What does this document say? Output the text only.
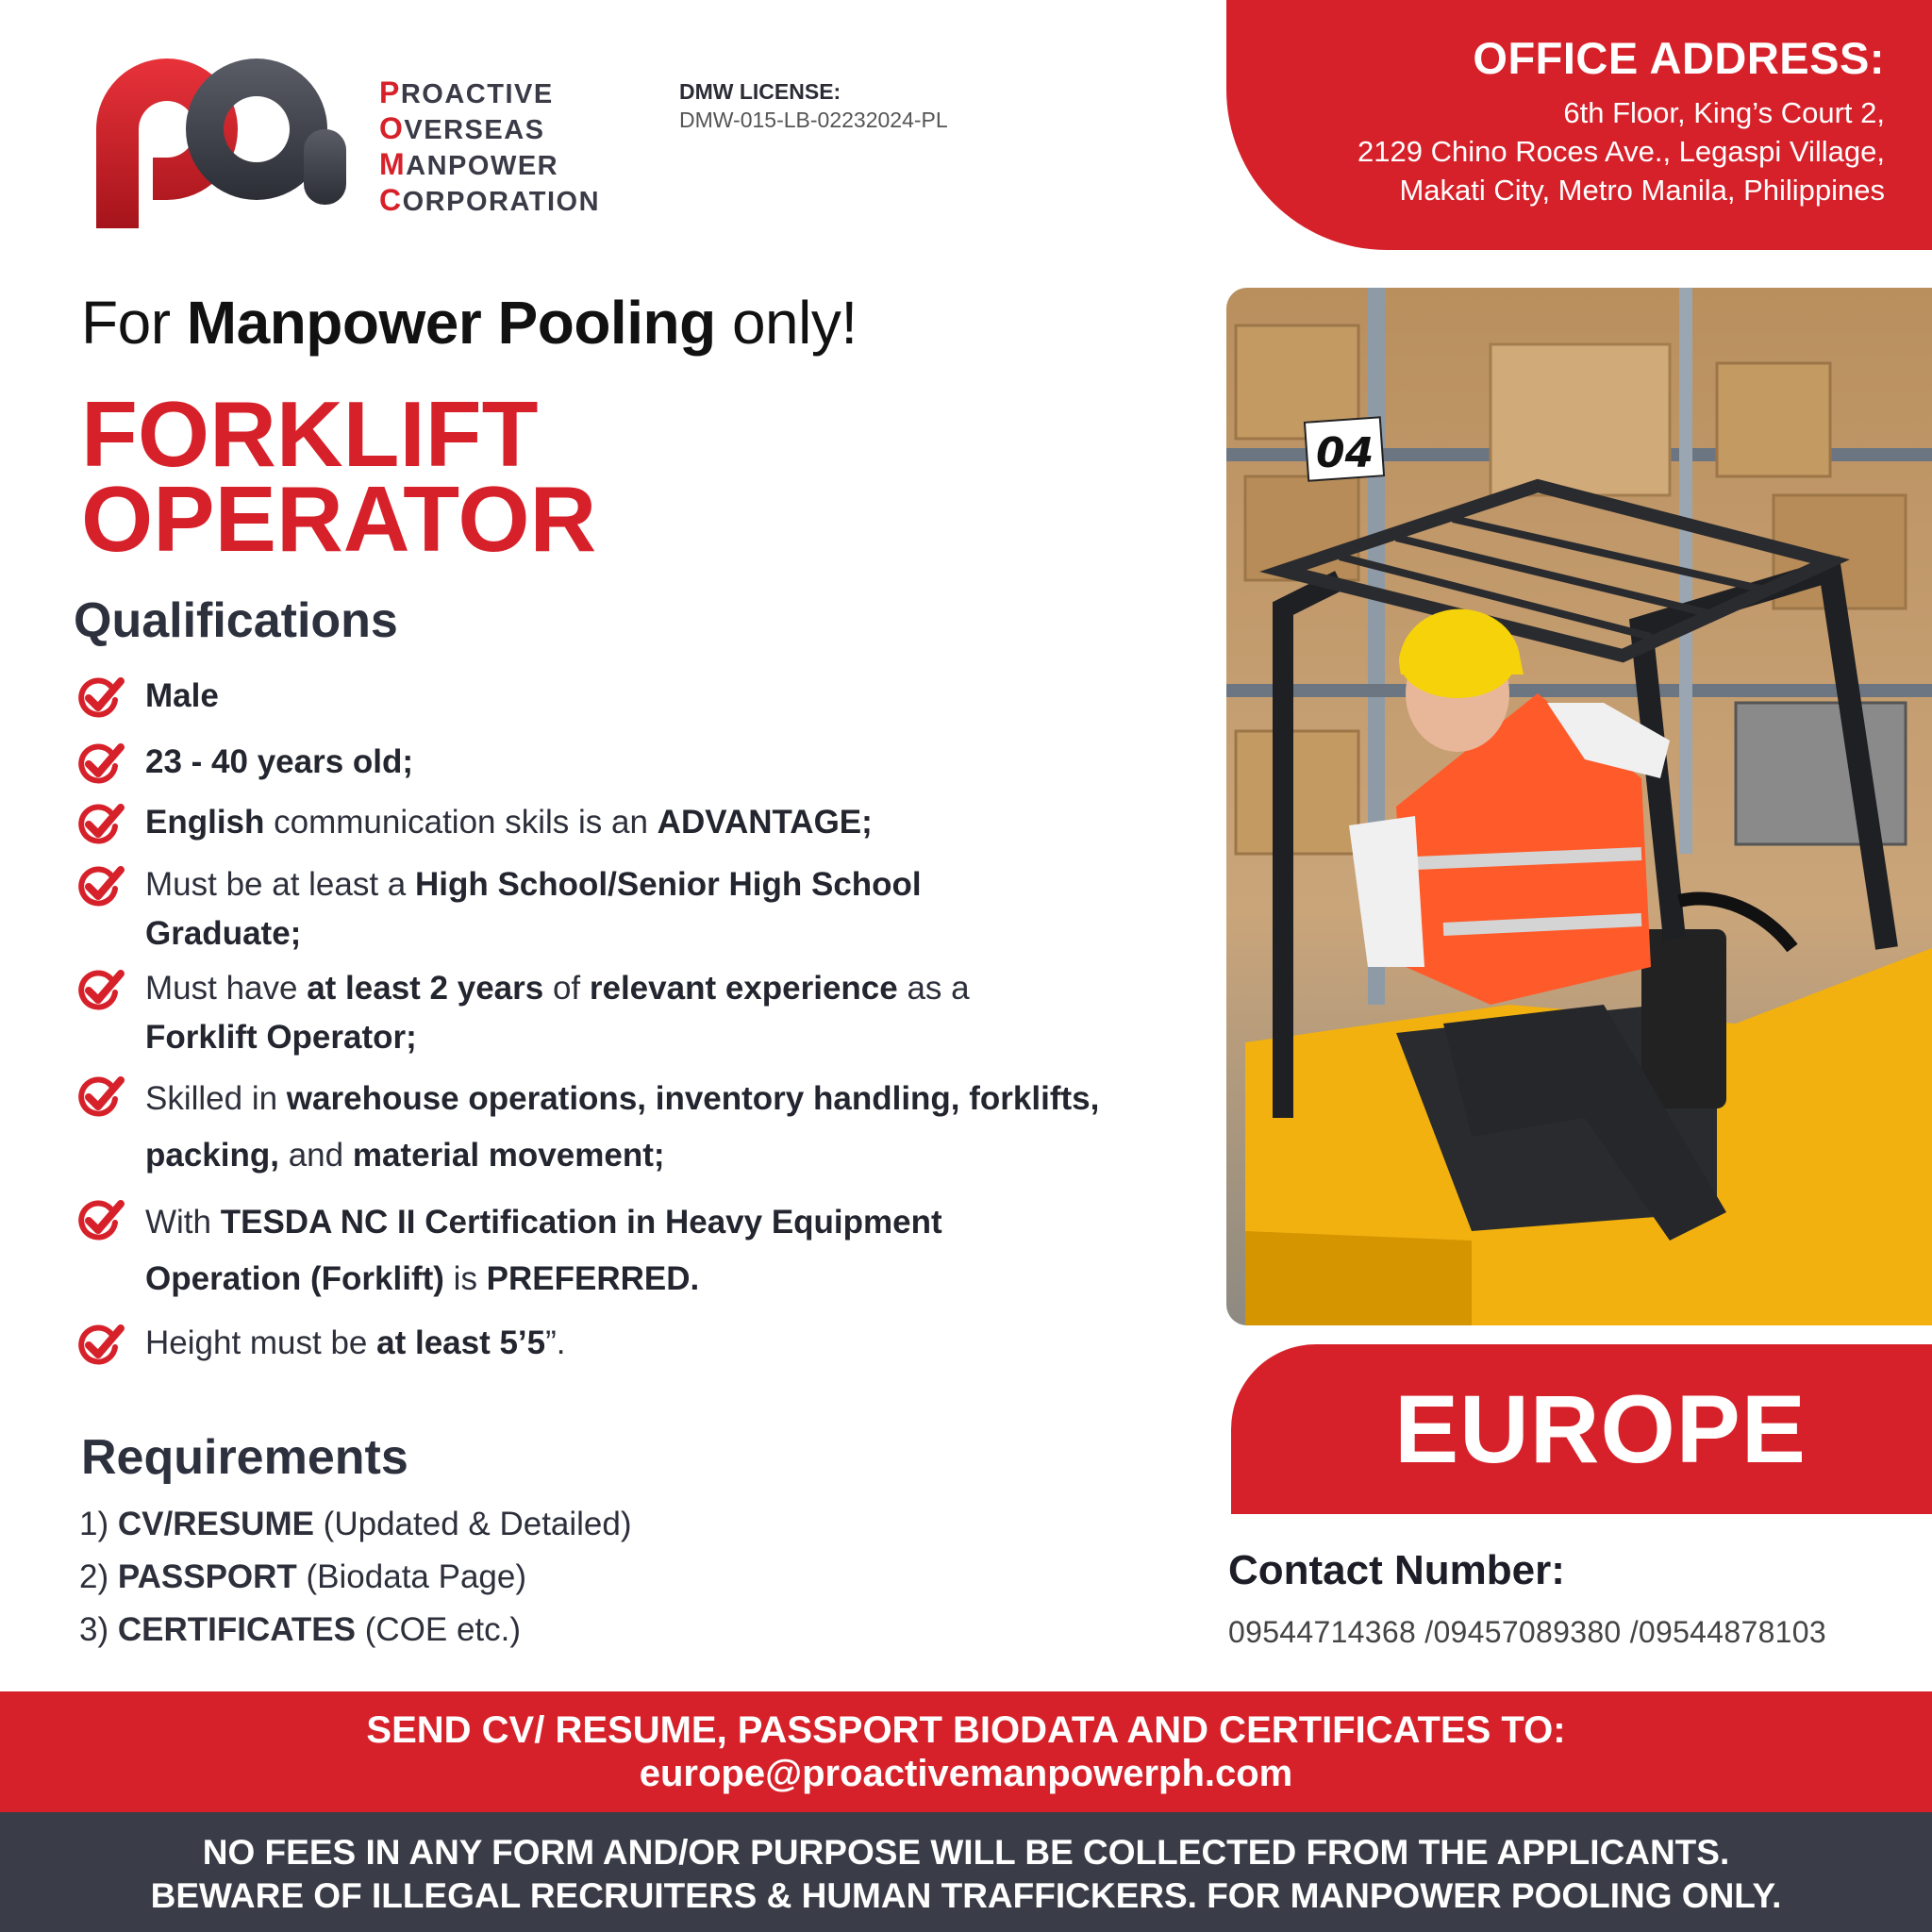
PROACTIVE
OVERSEAS
MANPOWER
CORPORATION
DMW LICENSE:
DMW-015-LB-02232024-PL
OFFICE ADDRESS:
6th Floor, King’s Court 2,
2129 Chino Roces Ave., Legaspi Village,
Makati City, Metro Manila, Philippines
For Manpower Pooling only!
FORKLIFT
OPERATOR
Qualifications
Male
23 - 40 years old;
English communication skils is an ADVANTAGE;
Must be at least a High School/Senior High School Graduate;
Must have at least 2 years of relevant experience as a Forklift Operator;
Skilled in warehouse operations, inventory handling, forklifts, packing, and material movement;
With TESDA NC II Certification in Heavy Equipment Operation (Forklift) is PREFERRED.
Height must be at least 5’5”.
Requirements
1) CV/RESUME (Updated & Detailed)
2) PASSPORT (Biodata Page)
3) CERTIFICATES (COE etc.)
04
EUROPE
Contact Number:
09544714368 /09457089380 /09544878103
SEND CV/ RESUME, PASSPORT BIODATA AND CERTIFICATES TO:
europe@proactivemanpowerph.com
NO FEES IN ANY FORM AND/OR PURPOSE WILL BE COLLECTED FROM THE APPLICANTS.
BEWARE OF ILLEGAL RECRUITERS & HUMAN TRAFFICKERS. FOR MANPOWER POOLING ONLY.
